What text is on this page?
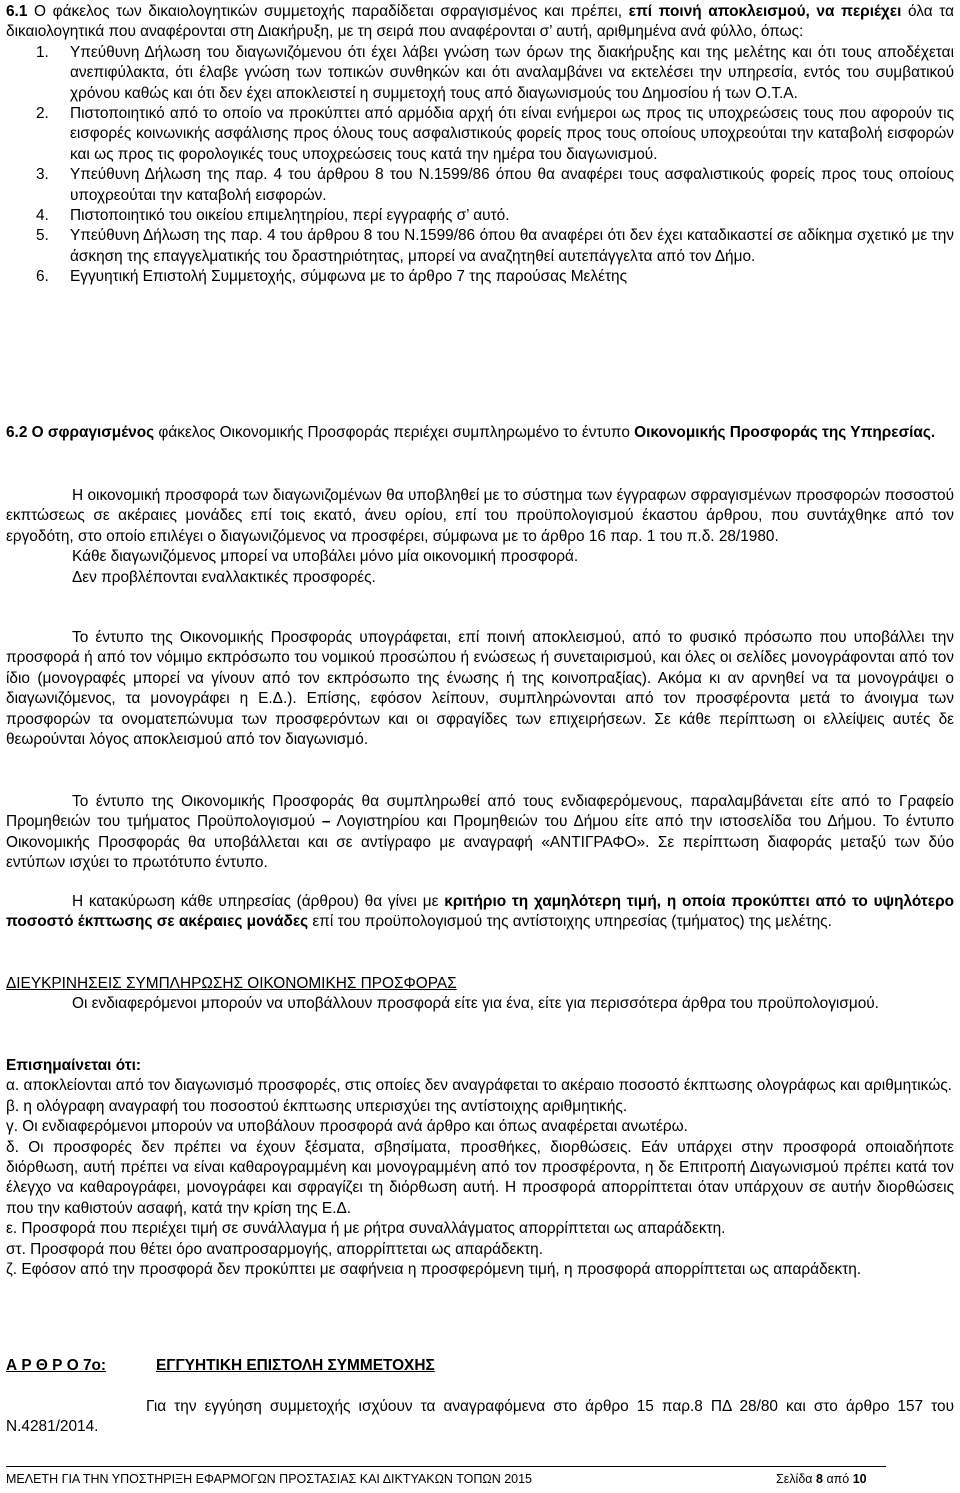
6.1 Ο φάκελος των δικαιολογητικών συμμετοχής παραδίδεται σφραγισμένος και πρέπει, επί ποινή αποκλεισμού, να περιέχει όλα τα δικαιολογητικά που αναφέρονται στη Διακήρυξη, με τη σειρά που αναφέρονται σ’ αυτή, αριθμημένα ανά φύλλο, όπως:

1. Υπεύθυνη Δήλωση του διαγωνιζόμενου ότι έχει λάβει γνώση των όρων της διακήρυξης και της μελέτης και ότι τους αποδέχεται ανεπιφύλακτα, ότι έλαβε γνώση των τοπικών συνθηκών και ότι αναλαμβάνει να εκτελέσει την υπηρεσία, εντός του συμβατικού χρόνου καθώς και ότι δεν έχει αποκλειστεί η συμμετοχή τους από διαγωνισμούς του Δημοσίου ή των Ο.Τ.Α.
2. Πιστοποιητικό από το οποίο να προκύπτει από αρμόδια αρχή ότι είναι ενήμεροι ως προς τις υποχρεώσεις τους που αφορούν τις εισφορές κοινωνικής ασφάλισης προς όλους τους ασφαλιστικούς φορείς προς τους οποίους υποχρεούται την καταβολή εισφορών και ως προς τις φορολογικές τους υποχρεώσεις τους κατά την ημέρα του διαγωνισμού.
3. Υπεύθυνη Δήλωση της παρ. 4 του άρθρου 8 του Ν.1599/86 όπου θα αναφέρει τους ασφαλιστικούς φορείς προς τους οποίους υποχρεούται την καταβολή εισφορών.
4. Πιστοποιητικό του οικείου επιμελητηρίου, περί εγγραφής σ’ αυτό.
5. Υπεύθυνη Δήλωση της παρ. 4 του άρθρου 8 του Ν.1599/86 όπου θα αναφέρει ότι δεν έχει καταδικαστεί σε αδίκημα σχετικό με την άσκηση της επαγγελματικής του δραστηριότητας, μπορεί να αναζητηθεί αυτεπάγγελτα από τον Δήμο.
6. Εγγυητική Επιστολή Συμμετοχής, σύμφωνα με το άρθρο 7 της παρούσας Μελέτης

6.2 Ο σφραγισμένος φάκελος Οικονομικής Προσφοράς περιέχει συμπληρωμένο το έντυπο Οικονομικής Προσφοράς της Υπηρεσίας.

Η οικονομική προσφορά των διαγωνιζομένων θα υποβληθεί με το σύστημα των έγγραφων σφραγισμένων προσφορών ποσοστού εκπτώσεως σε ακέραιες μονάδες επί τοις εκατό, άνευ ορίου, επί του προϋπολογισμού έκαστου άρθρου, που συντάχθηκε από τον εργοδότη, στο οποίο επιλέγει ο διαγωνιζόμενος να προσφέρει, σύμφωνα με το άρθρο 16 παρ. 1 του π.δ. 28/1980.

Κάθε διαγωνιζόμενος μπορεί να υποβάλει μόνο μία οικονομική προσφορά.

Δεν προβλέπονται εναλλακτικές προσφορές.

Το έντυπο της Οικονομικής Προσφοράς υπογράφεται, επί ποινή αποκλεισμού, από το φυσικό πρόσωπο που υποβάλλει την προσφορά ή από τον νόμιμο εκπρόσωπο του νομικού προσώπου ή ενώσεως ή συνεταιρισμού, και όλες οι σελίδες μονογράφονται από τον ίδιο (μονογραφές μπορεί να γίνουν από τον εκπρόσωπο της ένωσης ή της κοινοπραξίας). Ακόμα κι αν αρνηθεί να τα μονογράψει ο διαγωνιζόμενος, τα μονογράφει η Ε.Δ.). Επίσης, εφόσον λείπουν, συμπληρώνονται από τον προσφέροντα μετά το άνοιγμα των προσφορών τα ονοματεπώνυμα των προσφερόντων και οι σφραγίδες των επιχειρήσεων. Σε κάθε περίπτωση οι ελλείψεις αυτές δε θεωρούνται λόγος αποκλεισμού από τον διαγωνισμό.

Το έντυπο της Οικονομικής Προσφοράς θα συμπληρωθεί από τους ενδιαφερόμενους, παραλαμβάνεται είτε από το Γραφείο Προμηθειών του τμήματος Προϋπολογισμού – Λογιστηρίου και Προμηθειών του Δήμου είτε από την ιστοσελίδα του Δήμου. Το έντυπο Οικονομικής Προσφοράς θα υποβάλλεται και σε αντίγραφο με αναγραφή «ΑΝΤΙΓΡΑΦΟ». Σε περίπτωση διαφοράς μεταξύ των δύο εντύπων ισχύει το πρωτότυπο έντυπο.

Η κατακύρωση κάθε υπηρεσίας (άρθρου) θα γίνει με κριτήριο τη χαμηλότερη τιμή, η οποία προκύπτει από το υψηλότερο ποσοστό έκπτωσης σε ακέραιες μονάδες επί του προϋπολογισμού της αντίστοιχης υπηρεσίας (τμήματος) της μελέτης.

ΔΙΕΥΚΡΙΝΗΣΕΙΣ ΣΥΜΠΛΗΡΩΣΗΣ ΟΙΚΟΝΟΜΙΚΗΣ ΠΡΟΣΦΟΡΑΣ

Οι ενδιαφερόμενοι μπορούν να υποβάλλουν προσφορά είτε για ένα, είτε για περισσότερα άρθρα του προϋπολογισμού.

Επισημαίνεται ότι:

α. αποκλείονται από τον διαγωνισμό προσφορές, στις οποίες δεν αναγράφεται το ακέραιο ποσοστό έκπτωσης ολογράφως και αριθμητικώς.

β. η ολόγραφη αναγραφή του ποσοστού έκπτωσης υπερισχύει της αντίστοιχης αριθμητικής.

γ. Οι ενδιαφερόμενοι μπορούν να υποβάλουν προσφορά ανά άρθρο και όπως αναφέρεται ανωτέρω.

δ. Οι προσφορές δεν πρέπει να έχουν ξέσματα, σβησίματα, προσθήκες, διορθώσεις. Εάν υπάρχει στην προσφορά οποιαδήποτε διόρθωση, αυτή πρέπει να είναι καθαρογραμμένη και μονογραμμένη από τον προσφέροντα, η δε Επιτροπή Διαγωνισμού πρέπει κατά τον έλεγχο να καθαρογράφει, μονογράφει και σφραγίζει τη διόρθωση αυτή. Η προσφορά απορρίπτεται όταν υπάρχουν σε αυτήν διορθώσεις που την καθιστούν ασαφή, κατά την κρίση της Ε.Δ.

ε. Προσφορά που περιέχει τιμή σε συνάλλαγμα ή με ρήτρα συναλλάγματος απορρίπτεται ως απαράδεκτη.

στ. Προσφορά που θέτει όρο αναπροσαρμογής, απορρίπτεται ως απαράδεκτη.

ζ. Εφόσον από την προσφορά δεν προκύπτει με σαφήνεια η προσφερόμενη τιμή, η προσφορά απορρίπτεται ως απαράδεκτη.

Α Ρ Θ Ρ Ο 7ο:	ΕΓΓΥΗΤΙΚΗ ΕΠΙΣΤΟΛΗ ΣΥΜΜΕΤΟΧΗΣ

Για την εγγύηση συμμετοχής ισχύουν τα αναγραφόμενα στο άρθρο 15 παρ.8 ΠΔ 28/80 και στο άρθρο 157 του Ν.4281/2014.

ΜΕΛΕΤΗ ΓΙΑ ΤΗΝ ΥΠΟΣΤΗΡΙΞΗ ΕΦΑΡΜΟΓΩΝ ΠΡΟΣΤΑΣΙΑΣ ΚΑΙ ΔΙΚΤΥΑΚΩΝ ΤΟΠΩΝ 2015	Σελίδα 8 από 10
